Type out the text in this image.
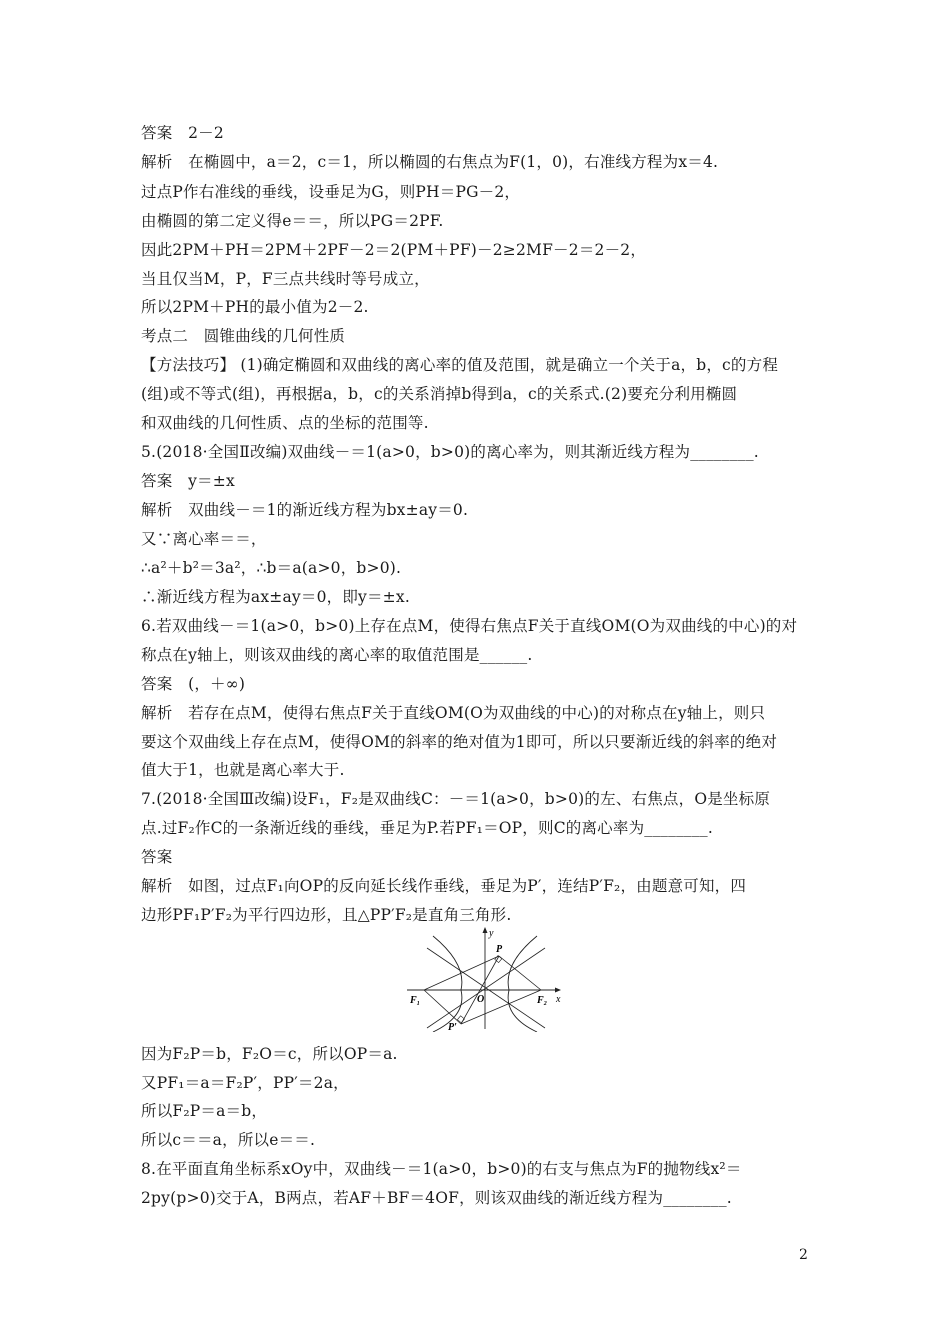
答案　2－2
解析　在椭圆中，a＝2，c＝1，所以椭圆的右焦点为F(1，0)，右准线方程为x＝4.
过点P作右准线的垂线，设垂足为G，则PH＝PG－2，
由椭圆的第二定义得e＝＝，所以PG＝2PF.
因此2PM＋PH＝2PM＋2PF－2＝2(PM＋PF)－2≥2MF－2＝2－2，
当且仅当M，P，F三点共线时等号成立，
所以2PM＋PH的最小值为2－2.
考点二　圆锥曲线的几何性质
【方法技巧】 (1)确定椭圆和双曲线的离心率的值及范围，就是确立一个关于a，b，c的方程
(组)或不等式(组)，再根据a，b，c的关系消掉b得到a，c的关系式.(2)要充分利用椭圆
和双曲线的几何性质、点的坐标的范围等.
5.(2018·全国Ⅱ改编)双曲线－＝1(a>0，b>0)的离心率为，则其渐近线方程为________.
答案　y＝±x
解析　双曲线－＝1的渐近线方程为bx±ay＝0.
又∵离心率＝＝，
∴a²＋b²＝3a²，∴b＝a(a>0，b>0).
∴渐近线方程为ax±ay＝0，即y＝±x.
6.若双曲线－＝1(a>0，b>0)上存在点M，使得右焦点F关于直线OM(O为双曲线的中心)的对
称点在y轴上，则该双曲线的离心率的取值范围是______.
答案　(，＋∞)
解析　若存在点M，使得右焦点F关于直线OM(O为双曲线的中心)的对称点在y轴上，则只
要这个双曲线上存在点M，使得OM的斜率的绝对值为1即可，所以只要渐近线的斜率的绝对
值大于1，也就是离心率大于.
7.(2018·全国Ⅲ改编)设F₁，F₂是双曲线C：－＝1(a>0，b>0)的左、右焦点，O是坐标原
点.过F₂作C的一条渐近线的垂线，垂足为P.若PF₁＝OP，则C的离心率为________.
答案
解析　如图，过点F₁向OP的反向延长线作垂线，垂足为P′，连结P′F₂，由题意可知，四
边形PF₁P′F₂为平行四边形，且△PP′F₂是直角三角形.
y
P
O	x
F₁	F₂
P′
因为F₂P＝b，F₂O＝c，所以OP＝a.
又PF₁＝a＝F₂P′，PP′＝2a，
所以F₂P＝a＝b，
所以c＝＝a，所以e＝＝.
8.在平面直角坐标系xOy中，双曲线－＝1(a>0，b>0)的右支与焦点为F的抛物线x²＝
2py(p>0)交于A，B两点，若AF＋BF＝4OF，则该双曲线的渐近线方程为________.
2
